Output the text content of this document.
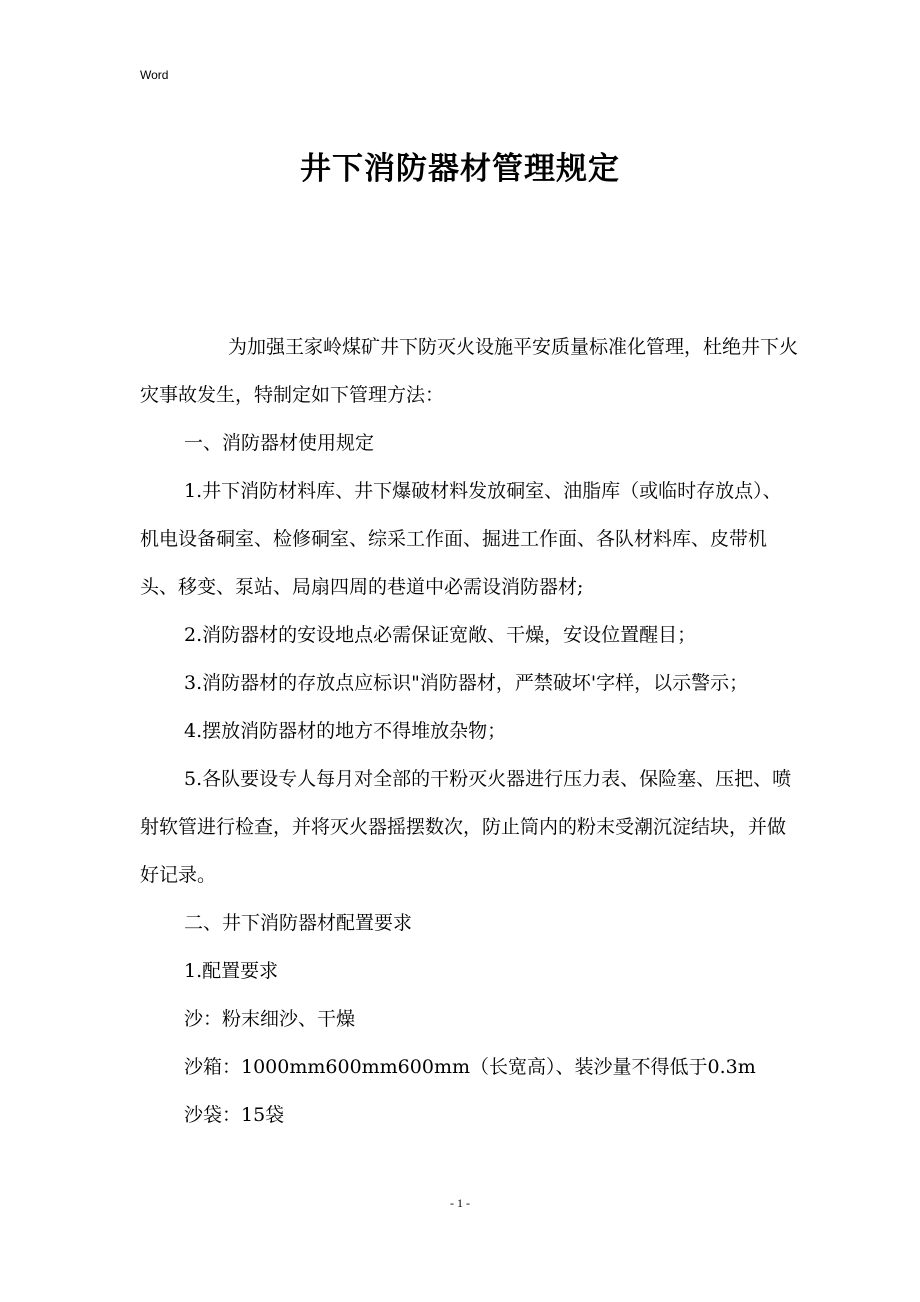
Word
井下消防器材管理规定

为加强王家岭煤矿井下防灭火设施平安质量标准化管理，杜绝井下火灾事故发生，特制定如下管理方法：

一、消防器材使用规定

1.井下消防材料库、井下爆破材料发放硐室、油脂库（或临时存放点）、机电设备硐室、检修硐室、综采工作面、掘进工作面、各队材料库、皮带机头、移变、泵站、局扇四周的巷道中必需设消防器材;

2.消防器材的安设地点必需保证宽敞、干燥，安设位置醒目；

3.消防器材的存放点应标识"消防器材，严禁破坏'字样，以示警示；

4.摆放消防器材的地方不得堆放杂物；

5.各队要设专人每月对全部的干粉灭火器进行压力表、保险塞、压把、喷射软管进行检查，并将灭火器摇摆数次，防止筒内的粉末受潮沉淀结块，并做好记录。

二、井下消防器材配置要求

1.配置要求

沙：粉末细沙、干燥

沙箱：1000mm600mm600mm（长宽高）、装沙量不得低于0.3m

沙袋：15袋

- 1 -
